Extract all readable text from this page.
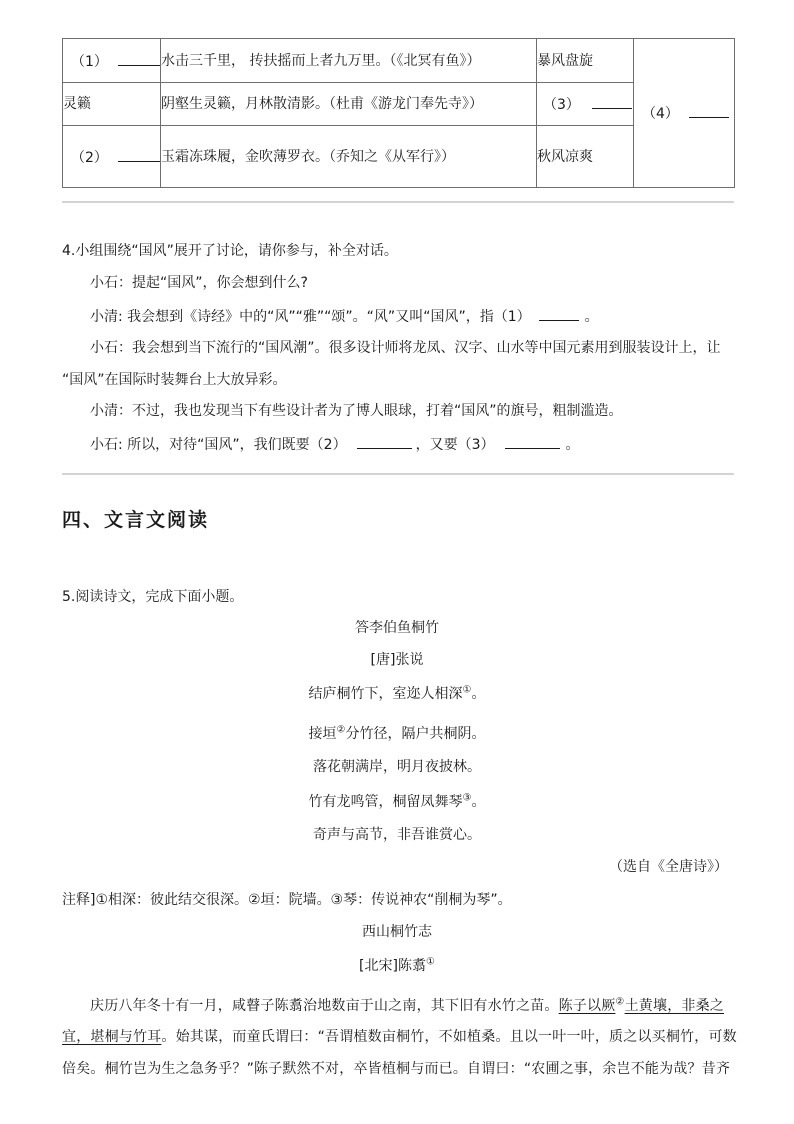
（1）	水击三千里， 抟扶摇而上者九万里。（《北冥有鱼》）	暴风盘旋	（4）
灵籁	阴壑生灵籁，月林散清影。（杜甫《游龙门奉先寺》）	（3）	
（2）	玉霜冻珠履，金吹薄罗衣。（乔知之《从军行》）	秋风凉爽	
4.小组围绕“国风”展开了讨论，请你参与，补全对话。
小石：提起“国风”，你会想到什么?
小清: 我会想到《诗经》中的“风”“雅”“颂”。“风”又叫“国风”，指（1）	。
小石：我会想到当下流行的“国风潮”。很多设计师将龙凤、汉字、山水等中国元素用到服装设计上，让
“国风”在国际时装舞台上大放异彩。
小清：不过，我也发现当下有些设计者为了博人眼球，打着“国风”的旗号，粗制滥造。
小石: 所以，对待“国风”，我们既要（2）	，又要（3）	。
四、文言文阅读
5.阅读诗文，完成下面小题。
答李伯鱼桐竹
[唐]张说
结庐桐竹下，室迩人相深①。
接垣②分竹径，隔户共桐阴。
落花朝满岸，明月夜披林。
竹有龙鸣管，桐留凤舞琴③。
奇声与高节，非吾谁赏心。
（选自《全唐诗》）
注释]①相深：彼此结交很深。②垣：院墙。③琴：传说神农“削桐为琴”。
西山桐竹志
[北宋]陈翥①
庆历八年冬十有一月，咸瞽子陈翥治地数亩于山之南，其下旧有水竹之苗。陈子以厥②土黄壤，非桑之
宜，堪桐与竹耳。始其谋，而童氏谓曰：“吾谓植数亩桐竹，不如植桑。且以一叶一叶，质之以买桐竹，可数
倍矣。桐竹岂为生之急务乎？”陈子默然不对，卒皆植桐与而已。自谓曰：“农圃之事，余岂不能为哉？昔齐
